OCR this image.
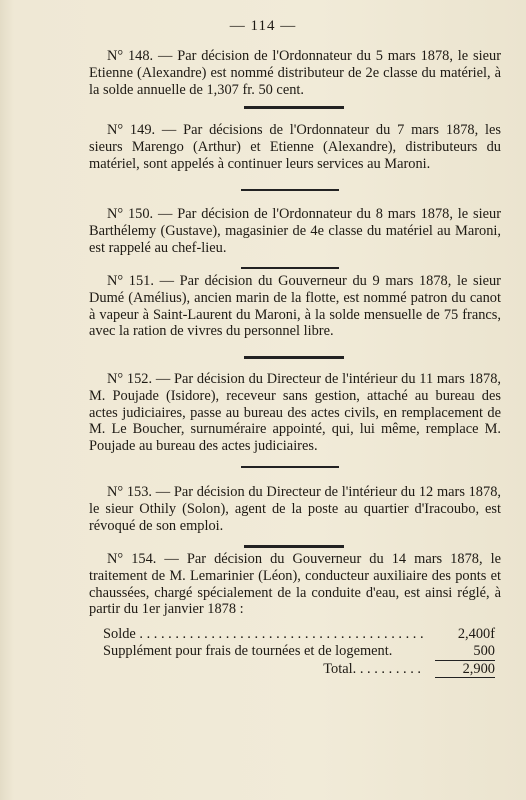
— 114 —

N° 148. — Par décision de l'Ordonnateur du 5 mars 1878, le sieur Etienne (Alexandre) est nommé distributeur de 2e classe du matériel, à la solde annuelle de 1,307 fr. 50 cent.

N° 149. — Par décisions de l'Ordonnateur du 7 mars 1878, les sieurs Marengo (Arthur) et Etienne (Alexandre), distributeurs du matériel, sont appelés à continuer leurs services au Maroni.

N° 150. — Par décision de l'Ordonnateur du 8 mars 1878, le sieur Barthélemy (Gustave), magasinier de 4e classe du matériel au Maroni, est rappelé au chef-lieu.

N° 151. — Par décision du Gouverneur du 9 mars 1878, le sieur Dumé (Amélius), ancien marin de la flotte, est nommé patron du canot à vapeur à Saint-Laurent du Maroni, à la solde mensuelle de 75 francs, avec la ration de vivres du personnel libre.

N° 152. — Par décision du Directeur de l'intérieur du 11 mars 1878, M. Poujade (Isidore), receveur sans gestion, attaché au bureau des actes judiciaires, passe au bureau des actes civils, en remplacement de M. Le Boucher, surnuméraire appointé, qui, lui même, remplace M. Poujade au bureau des actes judiciaires.

N° 153. — Par décision du Directeur de l'intérieur du 12 mars 1878, le sieur Othily (Solon), agent de la poste au quartier d'Iracoubo, est révoqué de son emploi.

N° 154. — Par décision du Gouverneur du 14 mars 1878, le traitement de M. Lemarinier (Léon), conducteur auxiliaire des ponts et chaussées, chargé spécialement de la conduite d'eau, est ainsi réglé, à partir du 1er janvier 1878 :

Solde . . . . . . . . . . . . . . . . . . . . . . . . . . . . . . . . . . . . . . . .	2,400f
Supplément pour frais de tournées et de logement.	500
Total. . . . . . . . . .	2,900
